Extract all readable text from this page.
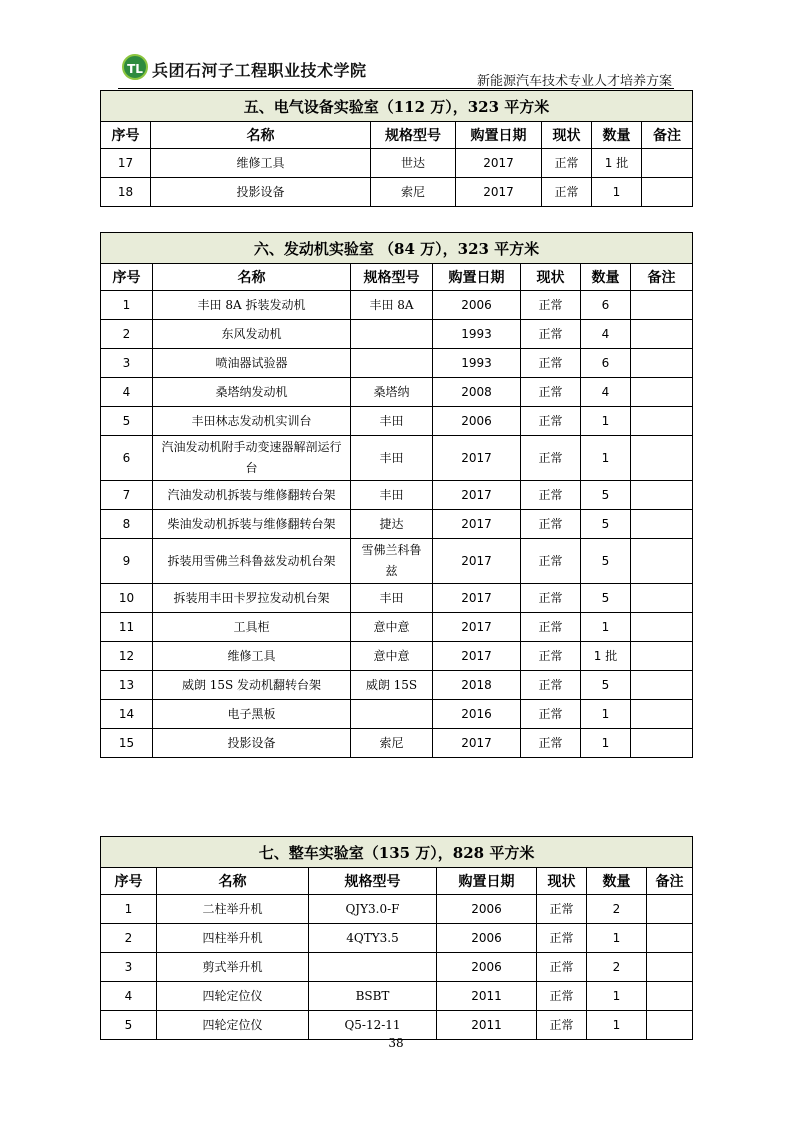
TL 兵团石河子工程职业技术学院
新能源汽车技术专业人才培养方案
五、电气设备实验室（112 万），323 平方米						
序号	名称	规格型号	购置日期	现状	数量	备注
17	维修工具	世达	2017	正常	1 批	
18	投影设备	索尼	2017	正常	1	
六、发动机实验室 （84 万），323 平方米						
序号	名称	规格型号	购置日期	现状	数量	备注
1	丰田 8A 拆装发动机	丰田 8A	2006	正常	6	
2	东风发动机		1993	正常	4	
3	喷油器试验器		1993	正常	6	
4	桑塔纳发动机	桑塔纳	2008	正常	4	
5	丰田林志发动机实训台	丰田	2006	正常	1	
6	汽油发动机附手动变速器解剖运行台	丰田	2017	正常	1	
7	汽油发动机拆装与维修翻转台架	丰田	2017	正常	5	
8	柴油发动机拆装与维修翻转台架	捷达	2017	正常	5	
9	拆装用雪佛兰科鲁兹发动机台架	雪佛兰科鲁兹	2017	正常	5	
10	拆装用丰田卡罗拉发动机台架	丰田	2017	正常	5	
11	工具柜	意中意	2017	正常	1	
12	维修工具	意中意	2017	正常	1 批	
13	威朗 15S 发动机翻转台架	威朗 15S	2018	正常	5	
14	电子黑板		2016	正常	1	
15	投影设备	索尼	2017	正常	1	
七、整车实验室（135 万），828 平方米						
序号	名称	规格型号	购置日期	现状	数量	备注
1	二柱举升机	QJY3.0-F	2006	正常	2	
2	四柱举升机	4QTY3.5	2006	正常	1	
3	剪式举升机		2006	正常	2	
4	四轮定位仪	BSBT	2011	正常	1	
5	四轮定位仪	Q5-12-11	2011	正常	1	
38
